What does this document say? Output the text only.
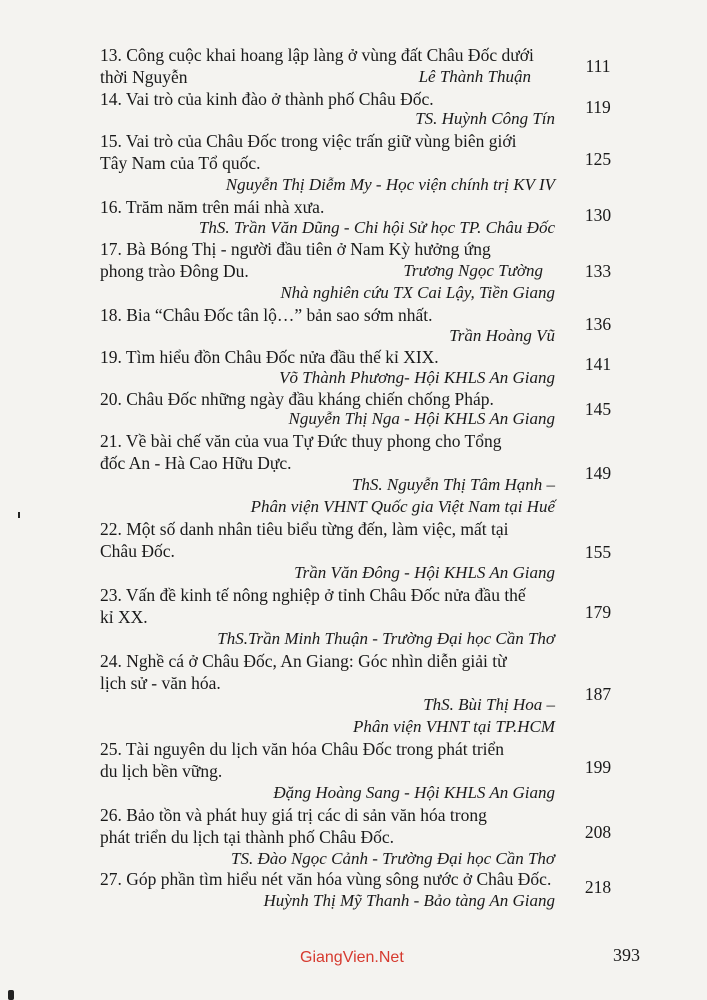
13. Công cuộc khai hoang lập làng ở vùng đất Châu Đốc dưới
thời Nguyễn	Lê Thành Thuận
111
14. Vai trò của kinh đào ở thành phố Châu Đốc.
TS. Huỳnh Công Tín
119
15. Vai trò của Châu Đốc trong việc trấn giữ vùng biên giới
Tây Nam của Tổ quốc.
Nguyễn Thị Diễm My - Học viện chính trị KV IV
125
16. Trăm năm trên mái nhà xưa.
ThS. Trần Văn Dũng - Chi hội Sử học TP. Châu Đốc
130
17. Bà Bóng Thị - người đầu tiên ở Nam Kỳ hưởng ứng
phong trào Đông Du.	Trương Ngọc Tường
Nhà nghiên cứu TX Cai Lậy, Tiền Giang
133
18. Bia “Châu Đốc tân lộ…” bản sao sớm nhất.
Trần Hoàng Vũ
136
19. Tìm hiểu đồn Châu Đốc nửa đầu thế kỉ XIX.
Võ Thành Phương- Hội KHLS An Giang
141
20. Châu Đốc những ngày đầu kháng chiến chống Pháp.
Nguyễn Thị Nga - Hội KHLS An Giang	145
21. Về bài chế văn của vua Tự Đức thuy phong cho Tổng
đốc An - Hà Cao Hữu Dực.
ThS. Nguyễn Thị Tâm Hạnh –
Phân viện VHNT Quốc gia Việt Nam tại Huế
149
22. Một số danh nhân tiêu biểu từng đến, làm việc, mất tại
Châu Đốc.
Trần Văn Đông - Hội KHLS An Giang
155
23. Vấn đề kinh tế nông nghiệp ở tỉnh Châu Đốc nửa đầu thế
kỉ XX.
ThS.Trần Minh Thuận - Trường Đại học Cần Thơ
179
24. Nghề cá ở Châu Đốc, An Giang: Góc nhìn diễn giải từ
lịch sử - văn hóa.
ThS. Bùi Thị Hoa –
Phân viện VHNT tại TP.HCM
187
25. Tài nguyên du lịch văn hóa Châu Đốc trong phát triển
du lịch bền vững.
Đặng Hoàng Sang - Hội KHLS An Giang
199
26. Bảo tồn và phát huy giá trị các di sản văn hóa trong
phát triển du lịch tại thành phố Châu Đốc.
TS. Đào Ngọc Cảnh - Trường Đại học Cần Thơ
208
27. Góp phần tìm hiểu nét văn hóa vùng sông nước ở Châu Đốc.
Huỳnh Thị Mỹ Thanh - Bảo tàng An Giang
218
GiangVien.Net	393
